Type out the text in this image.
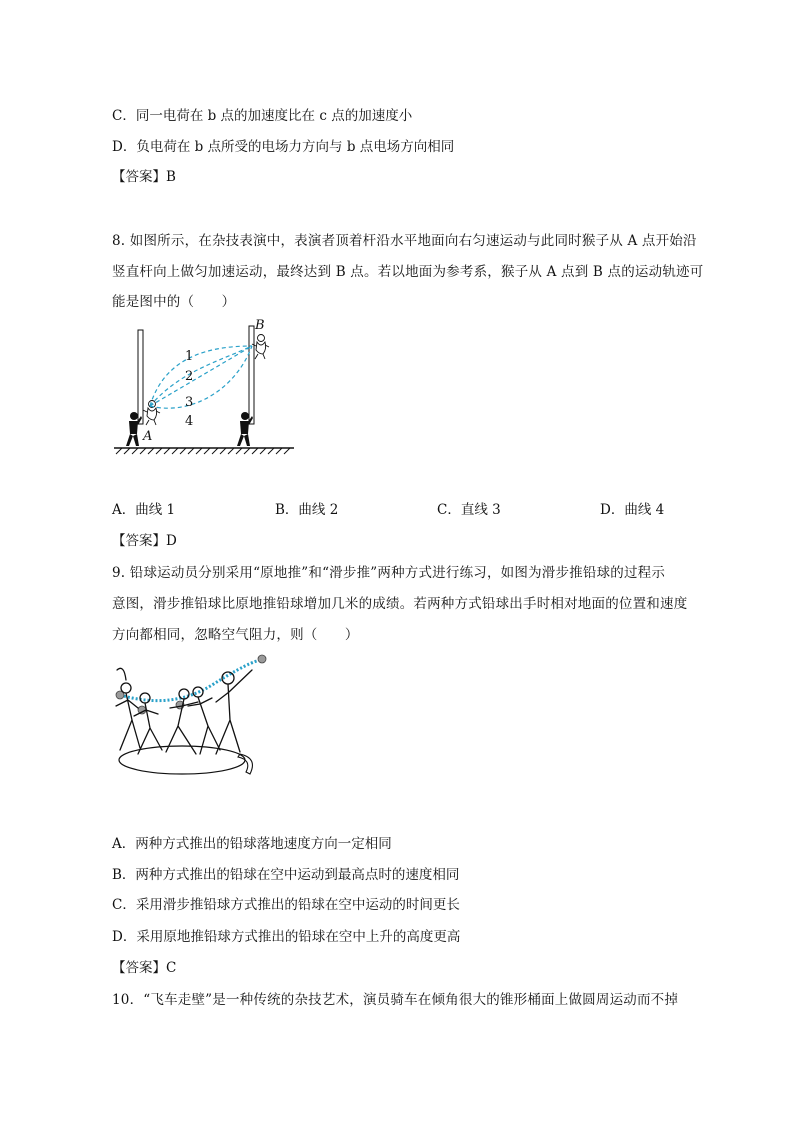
C．同一电荷在 b 点的加速度比在 c 点的加速度小
D．负电荷在 b 点所受的电场力方向与 b 点电场方向相同
【答案】B
8. 如图所示，在杂技表演中，表演者顶着杆沿水平地面向右匀速运动与此同时猴子从 A 点开始沿
竖直杆向上做匀加速运动，最终达到 B 点。若以地面为参考系，猴子从 A 点到 B 点的运动轨迹可
能是图中的（　　）
1
2
3
4
A
B
A．曲线 1	B．曲线 2	C．直线 3	D．曲线 4
【答案】D
9. 铅球运动员分别采用“原地推”和“滑步推”两种方式进行练习，如图为滑步推铅球的过程示
意图，滑步推铅球比原地推铅球增加几米的成绩。若两种方式铅球出手时相对地面的位置和速度
方向都相同，忽略空气阻力，则（　　）
A．两种方式推出的铅球落地速度方向一定相同
B．两种方式推出的铅球在空中运动到最高点时的速度相同
C．采用滑步推铅球方式推出的铅球在空中运动的时间更长
D．采用原地推铅球方式推出的铅球在空中上升的高度更高
【答案】C
10．“飞车走壁”是一种传统的杂技艺术，演员骑车在倾角很大的锥形桶面上做圆周运动而不掉
